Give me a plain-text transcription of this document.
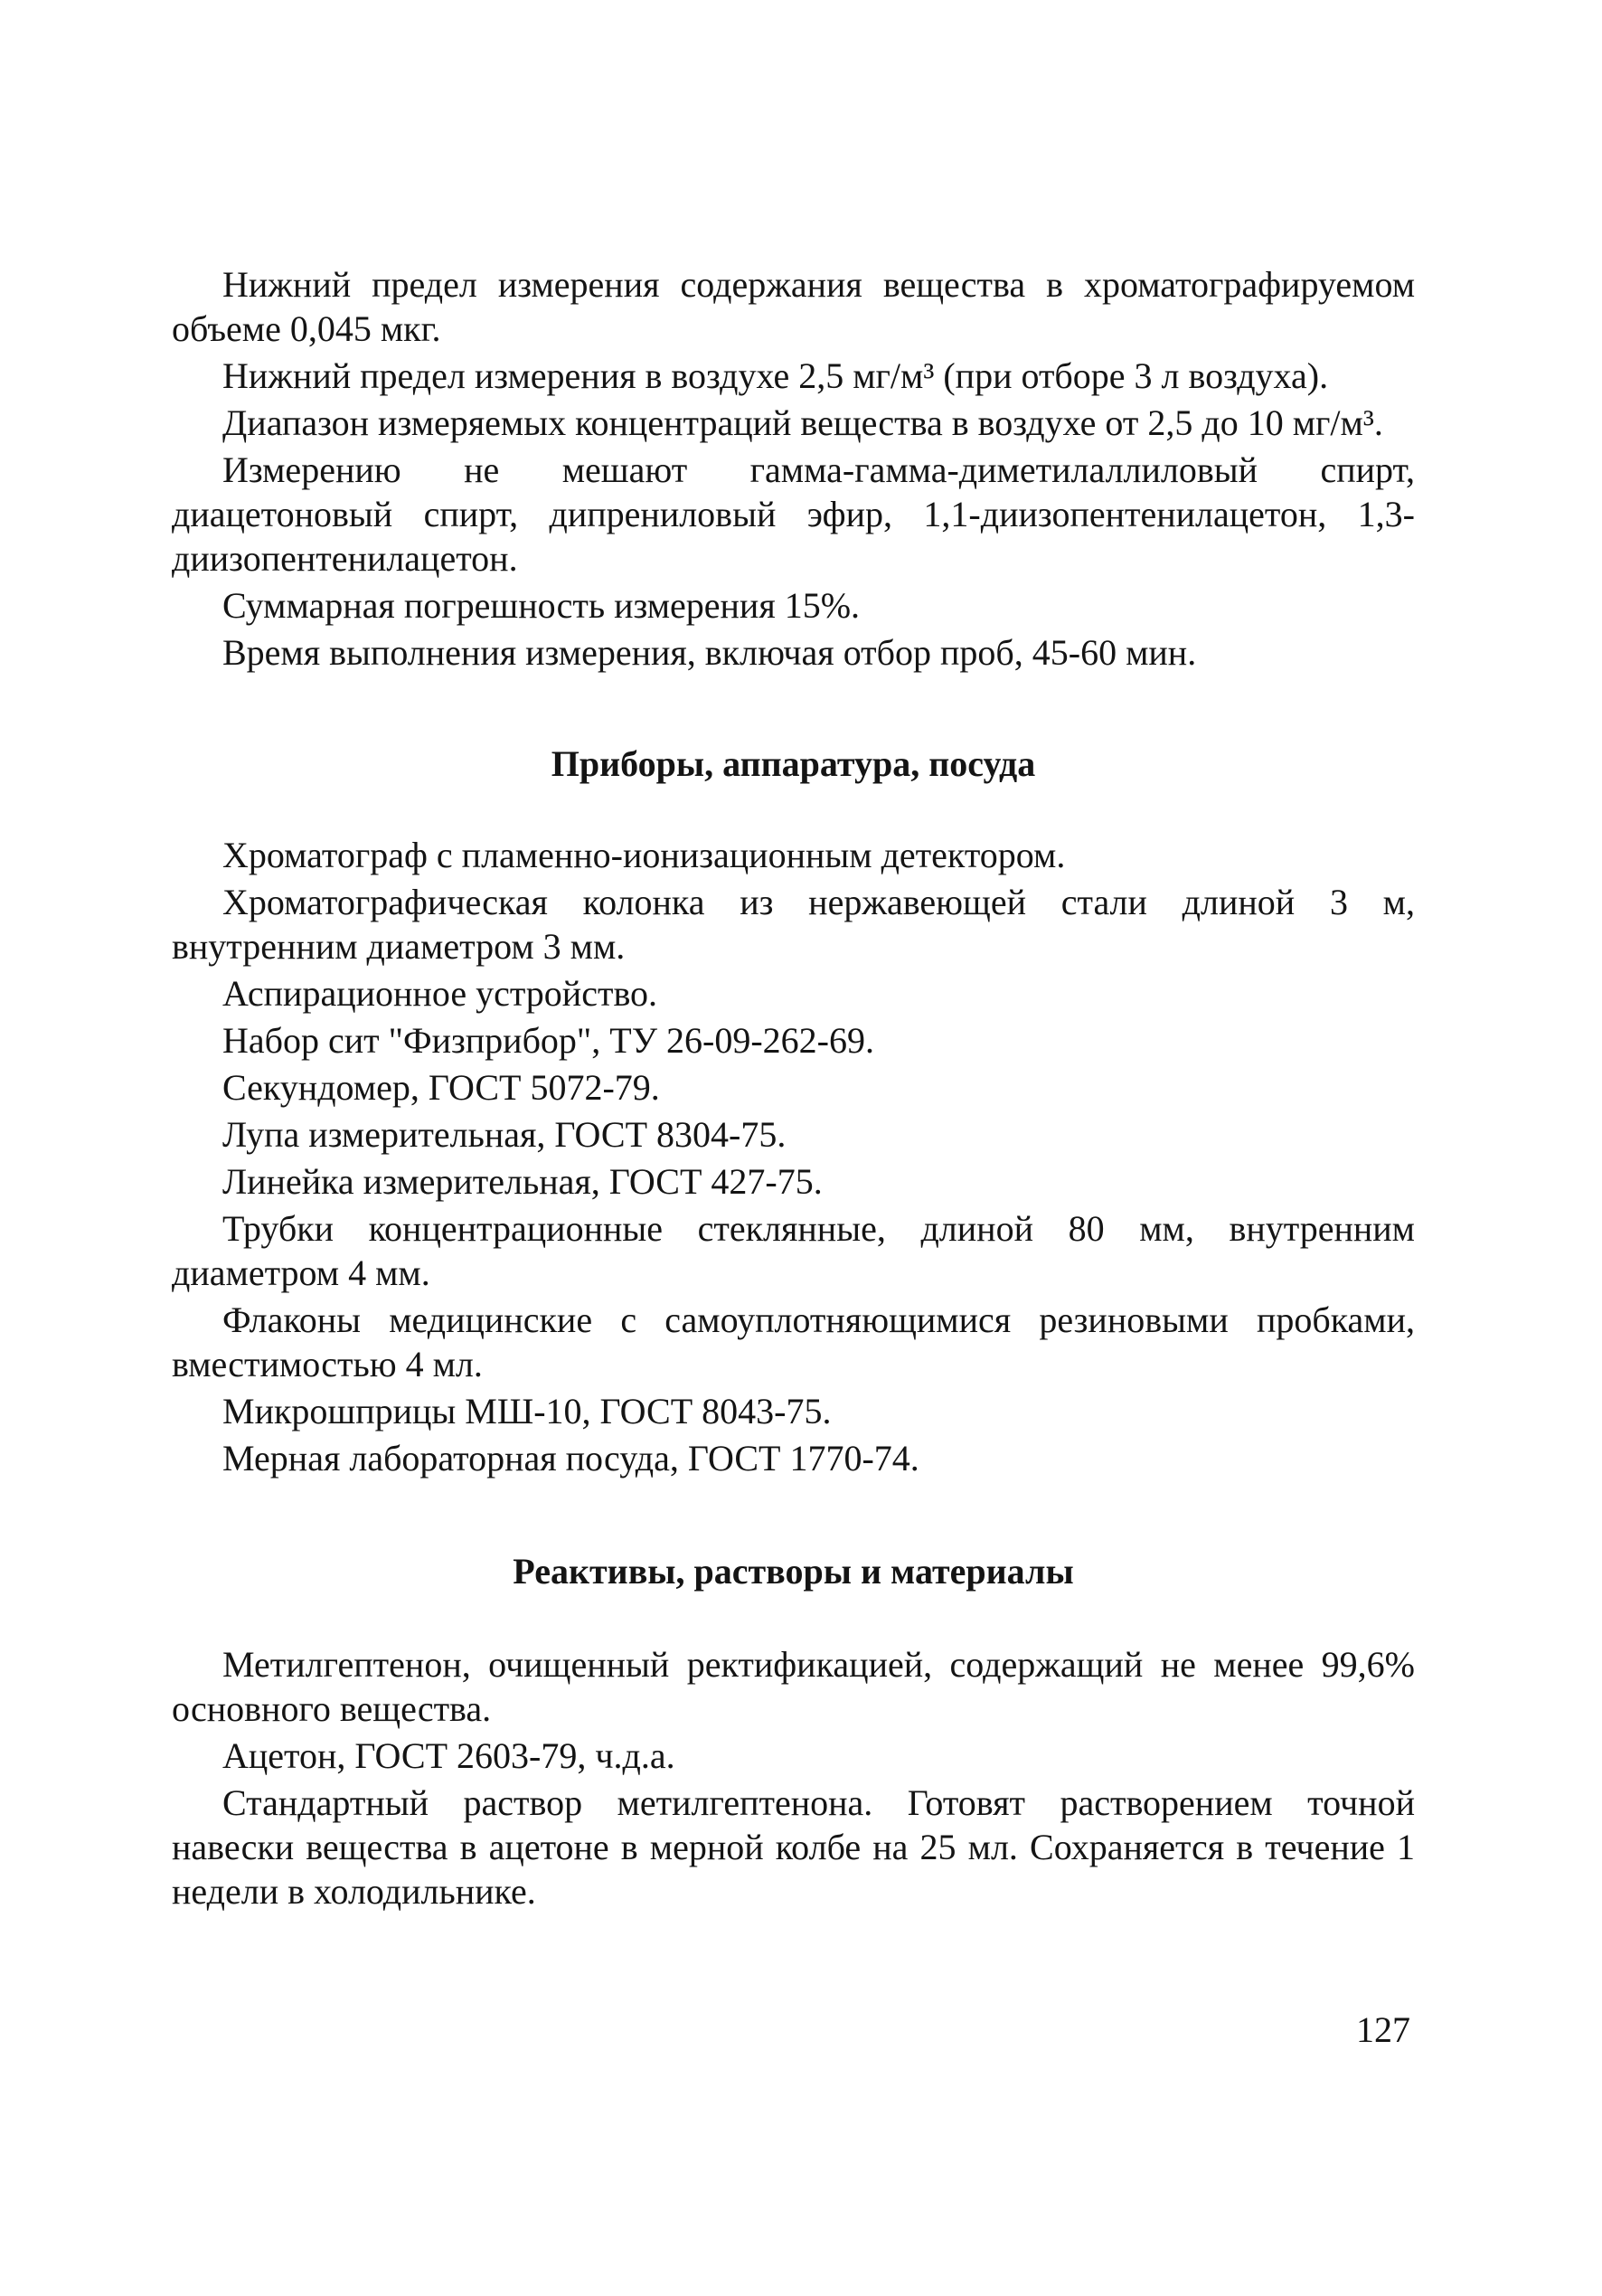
Нижний предел измерения содержания вещества в хроматографируемом объеме 0,045 мкг.

Нижний предел измерения в воздухе 2,5 мг/м³ (при отборе 3 л воздуха).

Диапазон измеряемых концентраций вещества в воздухе от 2,5 до 10 мг/м³.

Измерению не мешают гамма-гамма-диметилаллиловый спирт, диацетоновый спирт, дипрениловый эфир, 1,1-диизопентенилацетон, 1,3-диизопентенилацетон.

Суммарная погрешность измерения 15%.

Время выполнения измерения, включая отбор проб, 45-60 мин.

Приборы, аппаратура, посуда

Хроматограф с пламенно-ионизационным детектором.

Хроматографическая колонка из нержавеющей стали длиной 3 м, внутренним диаметром 3 мм.

Аспирационное устройство.

Набор сит "Физприбор", ТУ 26-09-262-69.

Секундомер, ГОСТ 5072-79.

Лупа измерительная, ГОСТ 8304-75.

Линейка измерительная, ГОСТ 427-75.

Трубки концентрационные стеклянные, длиной 80 мм, внутренним диаметром 4 мм.

Флаконы медицинские с самоуплотняющимися резиновыми пробками, вместимостью 4 мл.

Микрошприцы МШ-10, ГОСТ 8043-75.

Мерная лабораторная посуда, ГОСТ 1770-74.

Реактивы, растворы и материалы

Метилгептенон, очищенный ректификацией, содержащий не менее 99,6% основного вещества.

Ацетон, ГОСТ 2603-79, ч.д.а.

Стандартный раствор метилгептенона. Готовят растворением точной навески вещества в ацетоне в мерной колбе на 25 мл. Сохраняется в течение 1 недели в холодильнике.

127
